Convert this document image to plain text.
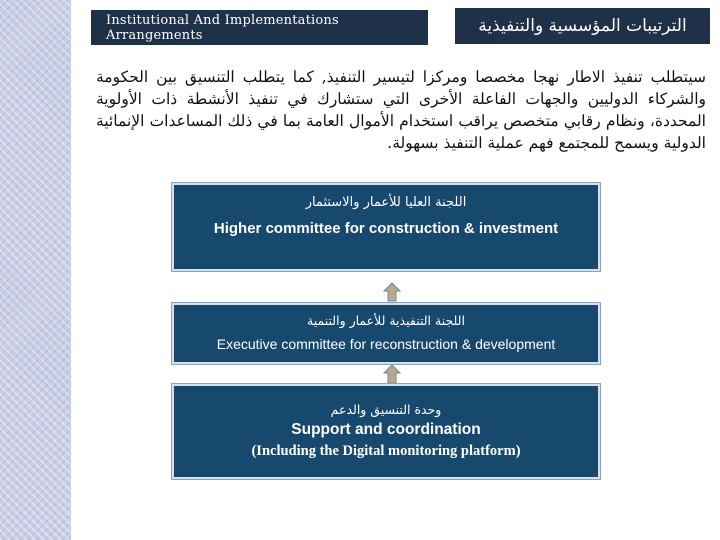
Institutional And Implementations Arrangements	الترتيبات المؤسسية والتنفيذية
سيتطلب تنفيذ الاطار نهجا مخصصا ومركزا لتيسير التنفيذ, كما يتطلب التنسيق بين الحكومة والشركاء الدوليين والجهات الفاعلة الأخرى التي ستشارك في تنفيذ الأنشطة ذات الأولوية المحددة، ونظام رقابي متخصص يراقب استخدام الأموال العامة بما في ذلك المساعدات الإنمائية الدولية ويسمح للمجتمع فهم عملية التنفيذ بسهولة.
اللجنة العليا للأعمار والاستثمار
Higher committee for construction & investment
اللجنة التنفيذية للأعمار والتنمية
Executive committee for reconstruction & development
وحدة التنسيق والدعم
Support and coordination
(Including the Digital monitoring platform)
